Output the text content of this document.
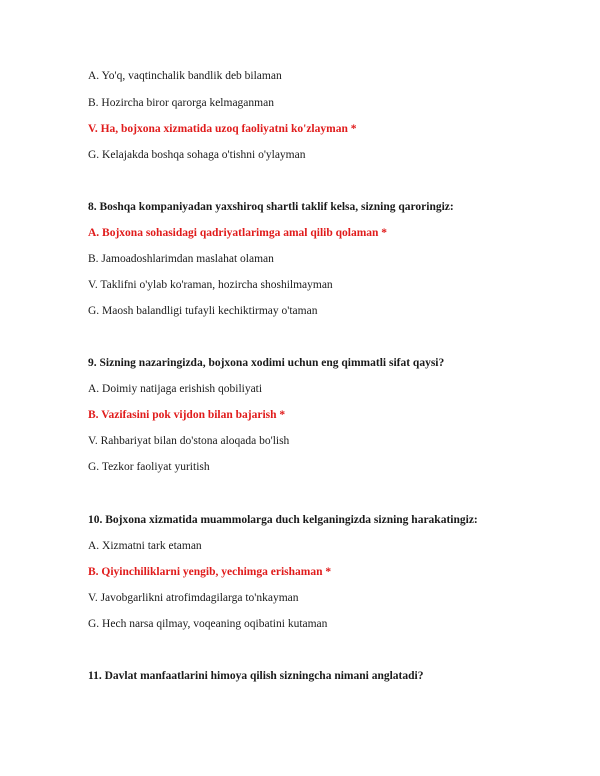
A. Yo'q, vaqtinchalik bandlik deb bilaman
B. Hozircha biror qarorga kelmaganman
V. Ha, bojxona xizmatida uzoq faoliyatni ko'zlayman *
G. Kelajakda boshqa sohaga o'tishni o'ylayman
8. Boshqa kompaniyadan yaxshiroq shartli taklif kelsa, sizning qaroringiz:
A. Bojxona sohasidagi qadriyatlarimga amal qilib qolaman *
B. Jamoadoshlarimdan maslahat olaman
V. Taklifni o'ylab ko'raman, hozircha shoshilmayman
G. Maosh balandligi tufayli kechiktirmay o'taman
9. Sizning nazaringizda, bojxona xodimi uchun eng qimmatli sifat qaysi?
A. Doimiy natijaga erishish qobiliyati
B. Vazifasini pok vijdon bilan bajarish *
V. Rahbariyat bilan do'stona aloqada bo'lish
G. Tezkor faoliyat yuritish
10. Bojxona xizmatida muammolarga duch kelganingizda sizning harakatingiz:
A. Xizmatni tark etaman
B. Qiyinchiliklarni yengib, yechimga erishaman *
V. Javobgarlikni atrofimdagilarga to'nkayman
G. Hech narsa qilmay, voqeaning oqibatini kutaman
11. Davlat manfaatlarini himoya qilish sizningcha nimani anglatadi?
